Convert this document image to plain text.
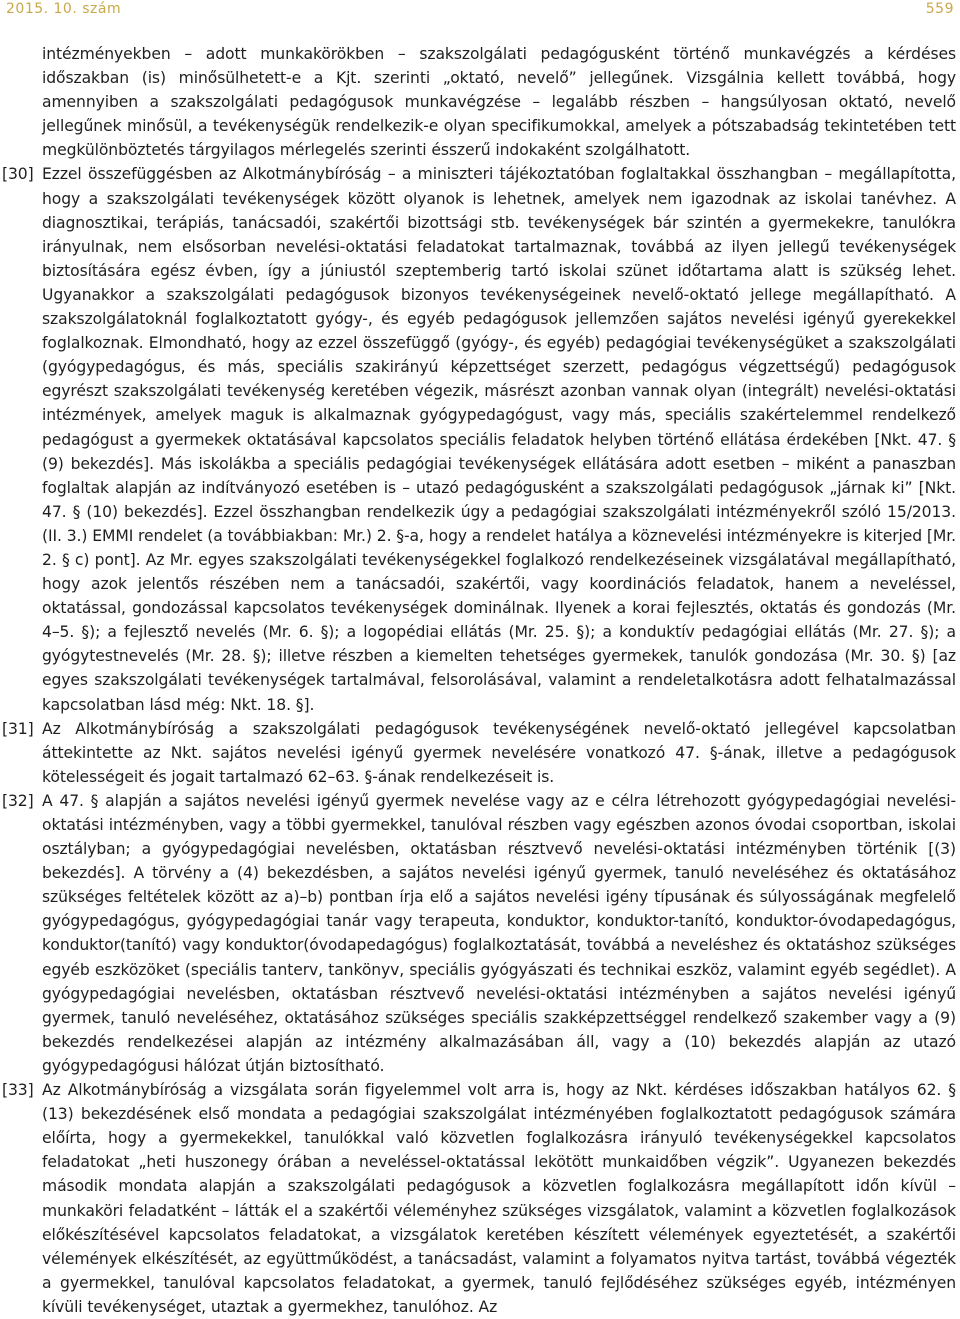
2015. 10. szám	559

intézményekben – adott munkakörökben – szakszolgálati pedagógusként történő munkavégzés a kérdéses időszakban (is) minősülhetett-e a Kjt. szerinti „oktató, nevelő” jellegűnek. Vizsgálnia kellett továbbá, hogy amennyiben a szakszolgálati pedagógusok munkavégzése – legalább részben – hangsúlyosan oktató, nevelő jellegűnek minősül, a tevékenységük rendelkezik-e olyan specifikumokkal, amelyek a pótszabadság tekintetében tett megkülönböztetés tárgyilagos mérlegelés szerinti ésszerű indokaként szolgálhatott.

[30] Ezzel összefüggésben az Alkotmánybíróság – a miniszteri tájékoztatóban foglaltakkal összhangban – megállapította, hogy a szakszolgálati tevékenységek között olyanok is lehetnek, amelyek nem igazodnak az iskolai tanévhez. A diagnosztikai, terápiás, tanácsadói, szakértői bizottsági stb. tevékenységek bár szintén a gyermekekre, tanulókra irányulnak, nem elsősorban nevelési-oktatási feladatokat tartalmaznak, továbbá az ilyen jellegű tevékenységek biztosítására egész évben, így a júniustól szeptemberig tartó iskolai szünet időtartama alatt is szükség lehet. Ugyanakkor a szakszolgálati pedagógusok bizonyos tevékenységeinek nevelő-oktató jellege megállapítható. A szakszolgálatoknál foglalkoztatott gyógy-, és egyéb pedagógusok jellemzően sajátos nevelési igényű gyerekekkel foglalkoznak. Elmondható, hogy az ezzel összefüggő (gyógy-, és egyéb) pedagógiai tevékenységüket a szakszolgálati (gyógypedagógus, és más, speciális szakirányú képzettséget szerzett, pedagógus végzettségű) pedagógusok egyrészt szakszolgálati tevékenység keretében végezik, másrészt azonban vannak olyan (integrált) nevelési-oktatási intézmények, amelyek maguk is alkalmaznak gyógypedagógust, vagy más, speciális szakértelemmel rendelkező pedagógust a gyermekek oktatásával kapcsolatos speciális feladatok helyben történő ellátása érdekében [Nkt. 47. § (9) bekezdés]. Más iskolákba a speciális pedagógiai tevékenységek ellátására adott esetben – miként a panaszban foglaltak alapján az indítványozó esetében is – utazó pedagógusként a szakszolgálati pedagógusok „járnak ki” [Nkt. 47. § (10) bekezdés]. Ezzel összhangban rendelkezik úgy a pedagógiai szakszolgálati intézményekről szóló 15/2013. (II. 3.) EMMI rendelet (a továbbiakban: Mr.) 2. §-a, hogy a rendelet hatálya a köznevelési intézményekre is kiterjed [Mr. 2. § c) pont]. Az Mr. egyes szakszolgálati tevékenységekkel foglalkozó rendelkezéseinek vizsgálatával megállapítható, hogy azok jelentős részében nem a tanácsadói, szakértői, vagy koordinációs feladatok, hanem a neveléssel, oktatással, gondozással kapcsolatos tevékenységek dominálnak. Ilyenek a korai fejlesztés, oktatás és gondozás (Mr. 4–5. §); a fejlesztő nevelés (Mr. 6. §); a logopédiai ellátás (Mr. 25. §); a konduktív pedagógiai ellátás (Mr. 27. §); a gyógytestnevelés (Mr. 28. §); illetve részben a kiemelten tehetséges gyermekek, tanulók gondozása (Mr. 30. §) [az egyes szakszolgálati tevékenységek tartalmával, felsorolásával, valamint a rendeletalkotásra adott felhatalmazással kapcsolatban lásd még: Nkt. 18. §].

[31] Az Alkotmánybíróság a szakszolgálati pedagógusok tevékenységének nevelő-oktató jellegével kapcsolatban áttekintette az Nkt. sajátos nevelési igényű gyermek nevelésére vonatkozó 47. §-ának, illetve a pedagógusok kötelességeit és jogait tartalmazó 62–63. §-ának rendelkezéseit is.

[32] A 47. § alapján a sajátos nevelési igényű gyermek nevelése vagy az e célra létrehozott gyógypedagógiai nevelési-oktatási intézményben, vagy a többi gyermekkel, tanulóval részben vagy egészben azonos óvodai csoportban, iskolai osztályban; a gyógypedagógiai nevelésben, oktatásban résztvevő nevelési-oktatási intézményben történik [(3) bekezdés]. A törvény a (4) bekezdésben, a sajátos nevelési igényű gyermek, tanuló neveléséhez és oktatásához szükséges feltételek között az a)–b) pontban írja elő a sajátos nevelési igény típusának és súlyosságának megfelelő gyógypedagógus, gyógypedagógiai tanár vagy terapeuta, konduktor, konduktor-tanító, konduktor-óvodapedagógus, konduktor(tanító) vagy konduktor(óvodapedagógus) foglalkoztatását, továbbá a neveléshez és oktatáshoz szükséges egyéb eszközöket (speciális tanterv, tankönyv, speciális gyógyászati és technikai eszköz, valamint egyéb segédlet). A gyógypedagógiai nevelésben, oktatásban résztvevő nevelési-oktatási intézményben a sajátos nevelési igényű gyermek, tanuló neveléséhez, oktatásához szükséges speciális szakképzettséggel rendelkező szakember vagy a (9) bekezdés rendelkezései alapján az intézmény alkalmazásában áll, vagy a (10) bekezdés alapján az utazó gyógypedagógusi hálózat útján biztosítható.

[33] Az Alkotmánybíróság a vizsgálata során figyelemmel volt arra is, hogy az Nkt. kérdéses időszakban hatályos 62. § (13) bekezdésének első mondata a pedagógiai szakszolgálat intézményében foglalkoztatott pedagógusok számára előírta, hogy a gyermekekkel, tanulókkal való közvetlen foglalkozásra irányuló tevékenységekkel kapcsolatos feladatokat „heti huszonegy órában a neveléssel-oktatással lekötött munkaidőben végzik”. Ugyanezen bekezdés második mondata alapján a szakszolgálati pedagógusok a közvetlen foglalkozásra megállapított időn kívül – munkaköri feladatként – látták el a szakértői véleményhez szükséges vizsgálatok, valamint a közvetlen foglalkozások előkészítésével kapcsolatos feladatokat, a vizsgálatok keretében készített vélemények egyeztetését, a szakértői vélemények elkészítését, az együttműködést, a tanácsadást, valamint a folyamatos nyitva tartást, továbbá végezték a gyermekkel, tanulóval kapcsolatos feladatokat, a gyermek, tanuló fejlődéséhez szükséges egyéb, intézményen kívüli tevékenységet, utaztak a gyermekhez, tanulóhoz. Az
